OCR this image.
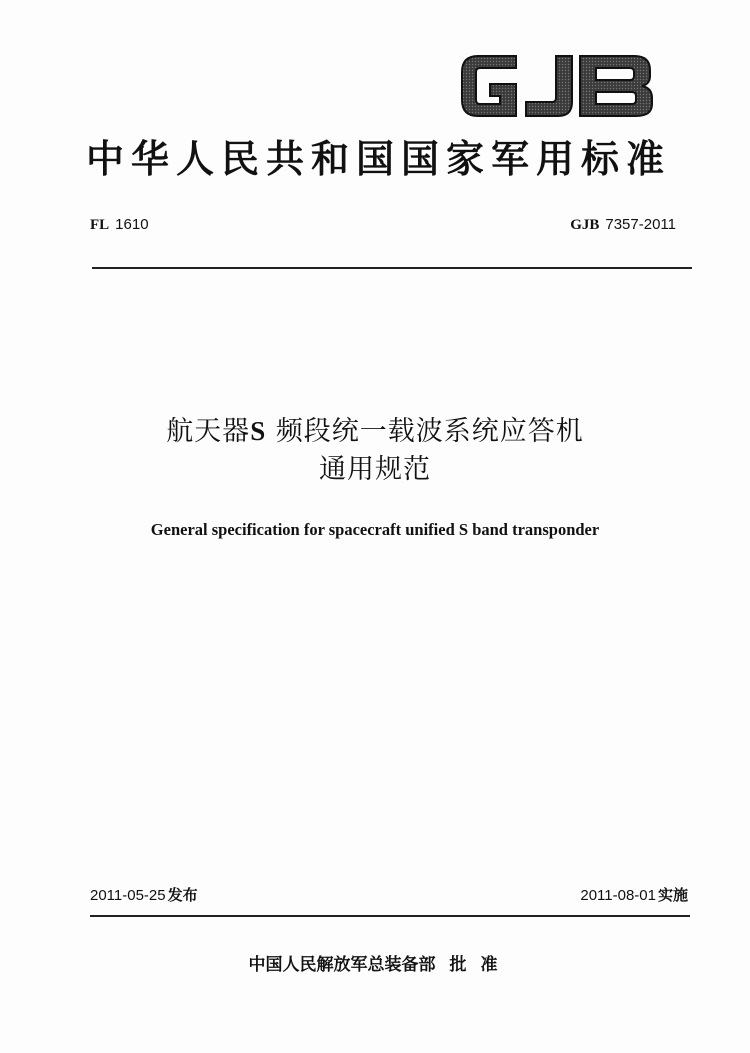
中华人民共和国国家军用标准
FL 1610	GJB 7357-2011
航天器S 频段统一载波系统应答机
通用规范
General specification for spacecraft unified S band transponder
2011-05-25 发布	2011-08-01 实施
中国人民解放军总装备部 批 准
